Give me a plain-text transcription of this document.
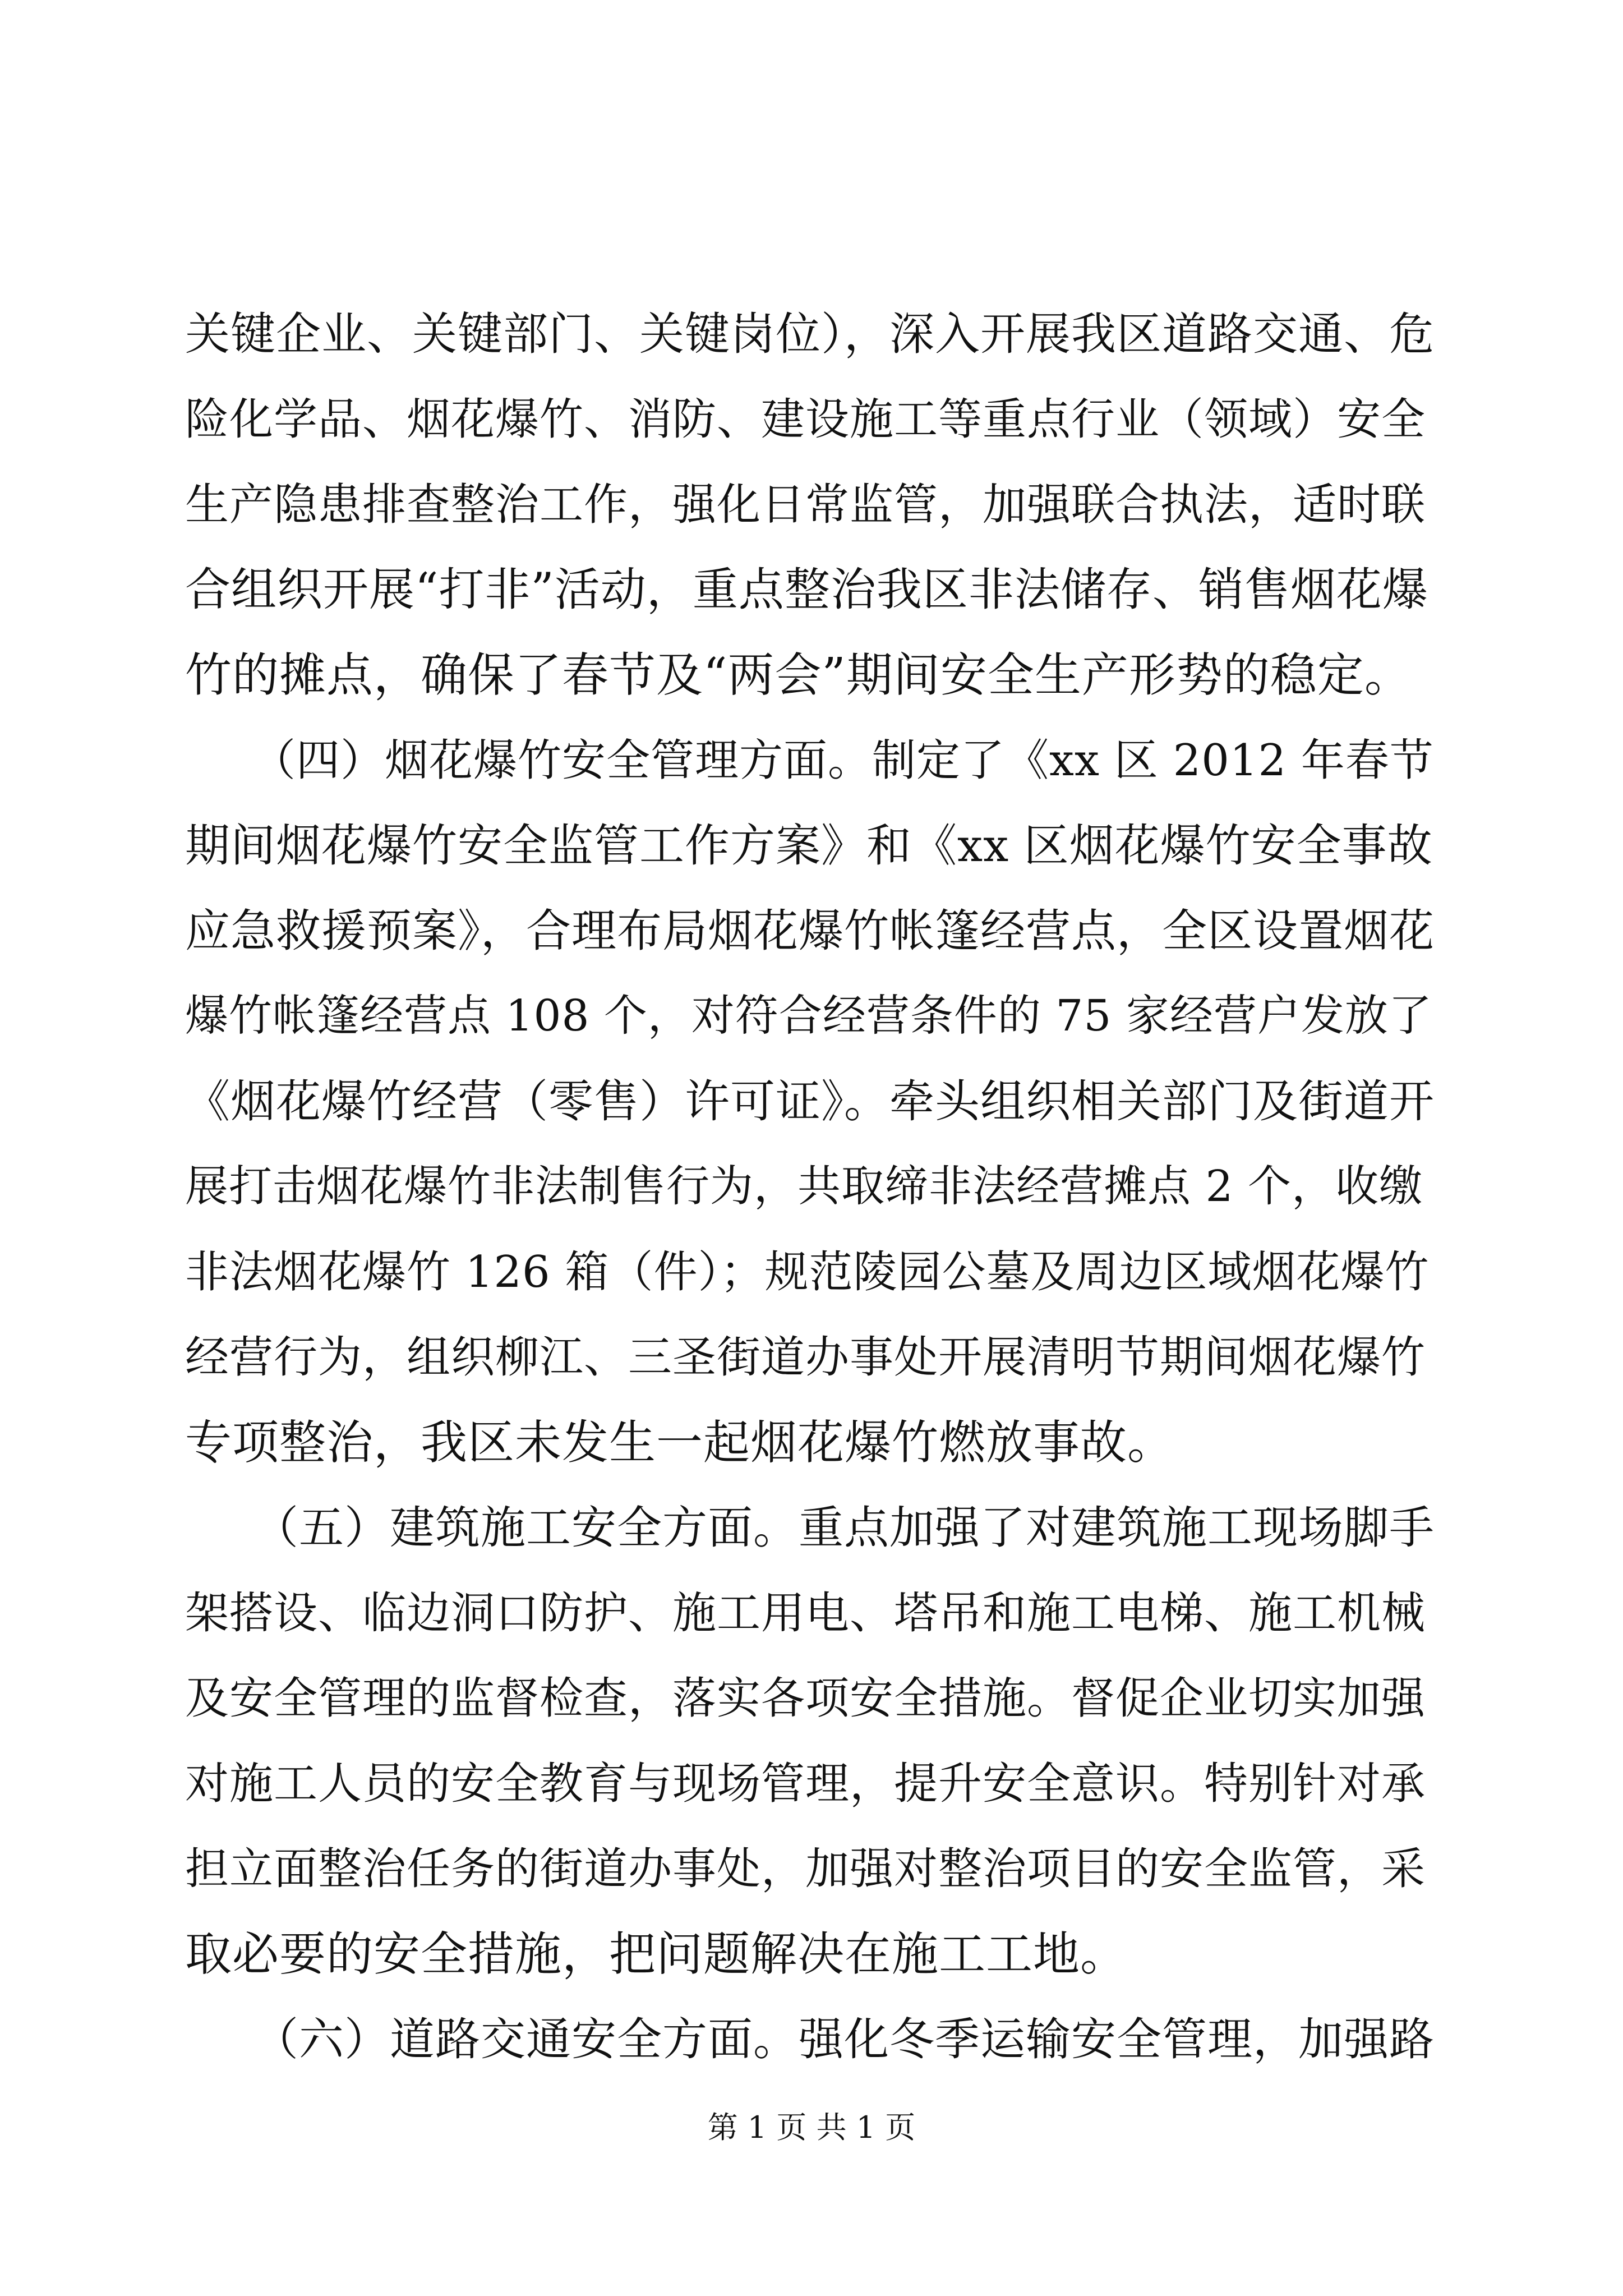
关键企业、关键部门、关键岗位），深入开展我区道路交通、危
险化学品、烟花爆竹、消防、建设施工等重点行业（领域）安全
生产隐患排查整治工作，强化日常监管，加强联合执法，适时联
合组织开展“打非”活动，重点整治我区非法储存、销售烟花爆
竹的摊点，确保了春节及“两会”期间安全生产形势的稳定。
　　（四）烟花爆竹安全管理方面。制定了《xx 区 2012 年春节
期间烟花爆竹安全监管工作方案》和《xx 区烟花爆竹安全事故
应急救援预案》，合理布局烟花爆竹帐篷经营点，全区设置烟花
爆竹帐篷经营点 108 个，对符合经营条件的 75 家经营户发放了
《烟花爆竹经营（零售）许可证》。牵头组织相关部门及街道开
展打击烟花爆竹非法制售行为，共取缔非法经营摊点 2 个，收缴
非法烟花爆竹 126 箱（件）；规范陵园公墓及周边区域烟花爆竹
经营行为，组织柳江、三圣街道办事处开展清明节期间烟花爆竹
专项整治，我区未发生一起烟花爆竹燃放事故。
　　（五）建筑施工安全方面。重点加强了对建筑施工现场脚手
架搭设、临边洞口防护、施工用电、塔吊和施工电梯、施工机械
及安全管理的监督检查，落实各项安全措施。督促企业切实加强
对施工人员的安全教育与现场管理，提升安全意识。特别针对承
担立面整治任务的街道办事处，加强对整治项目的安全监管，采
取必要的安全措施，把问题解决在施工工地。
　　（六）道路交通安全方面。强化冬季运输安全管理，加强路
第 1 页 共 1 页
